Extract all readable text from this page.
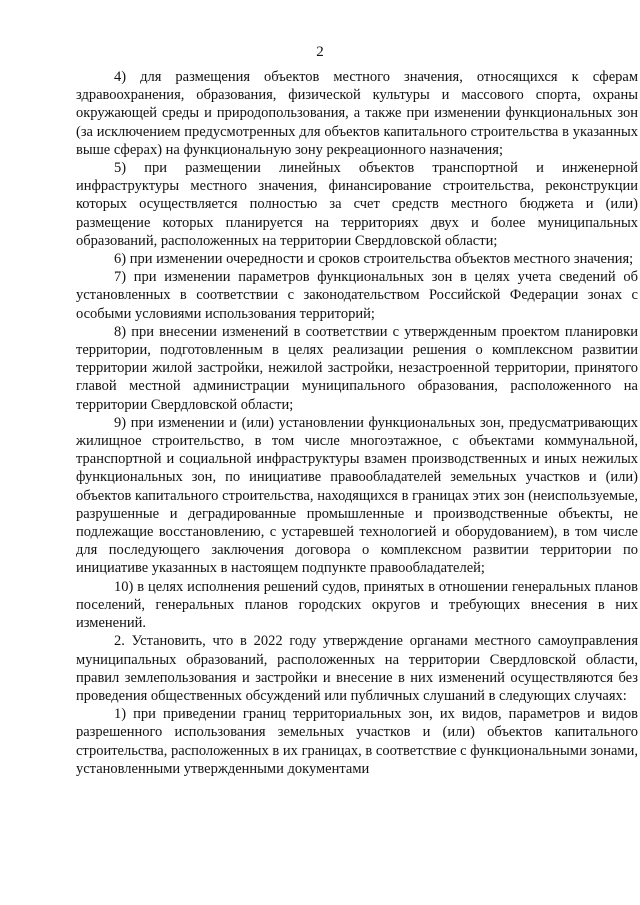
2

4) для размещения объектов местного значения, относящихся к сферам здравоохранения, образования, физической культуры и массового спорта, охраны окружающей среды и природопользования, а также при изменении функциональных зон (за исключением предусмотренных для объектов капитального строительства в указанных выше сферах) на функциональную зону рекреационного назначения;

5) при размещении линейных объектов транспортной и инженерной инфраструктуры местного значения, финансирование строительства, реконструкции которых осуществляется полностью за счет средств местного бюджета и (или) размещение которых планируется на территориях двух и более муниципальных образований, расположенных на территории Свердловской области;

6) при изменении очередности и сроков строительства объектов местного значения;

7) при изменении параметров функциональных зон в целях учета сведений об установленных в соответствии с законодательством Российской Федерации зонах с особыми условиями использования территорий;

8) при внесении изменений в соответствии с утвержденным проектом планировки территории, подготовленным в целях реализации решения о комплексном развитии территории жилой застройки, нежилой застройки, незастроенной территории, принятого главой местной администрации муниципального образования, расположенного на территории Свердловской области;

9) при изменении и (или) установлении функциональных зон, предусматривающих жилищное строительство, в том числе многоэтажное, с объектами коммунальной, транспортной и социальной инфраструктуры взамен производственных и иных нежилых функциональных зон, по инициативе правообладателей земельных участков и (или) объектов капитального строительства, находящихся в границах этих зон (неиспользуемые, разрушенные и деградированные промышленные и производственные объекты, не подлежащие восстановлению, с устаревшей технологией и оборудованием), в том числе для последующего заключения договора о комплексном развитии территории по инициативе указанных в настоящем подпункте правообладателей;

10) в целях исполнения решений судов, принятых в отношении генеральных планов поселений, генеральных планов городских округов и требующих внесения в них изменений.

2. Установить, что в 2022 году утверждение органами местного самоуправления муниципальных образований, расположенных на территории Свердловской области, правил землепользования и застройки и внесение в них изменений осуществляются без проведения общественных обсуждений или публичных слушаний в следующих случаях:

1) при приведении границ территориальных зон, их видов, параметров и видов разрешенного использования земельных участков и (или) объектов капитального строительства, расположенных в их границах, в соответствие с функциональными зонами, установленными утвержденными документами
